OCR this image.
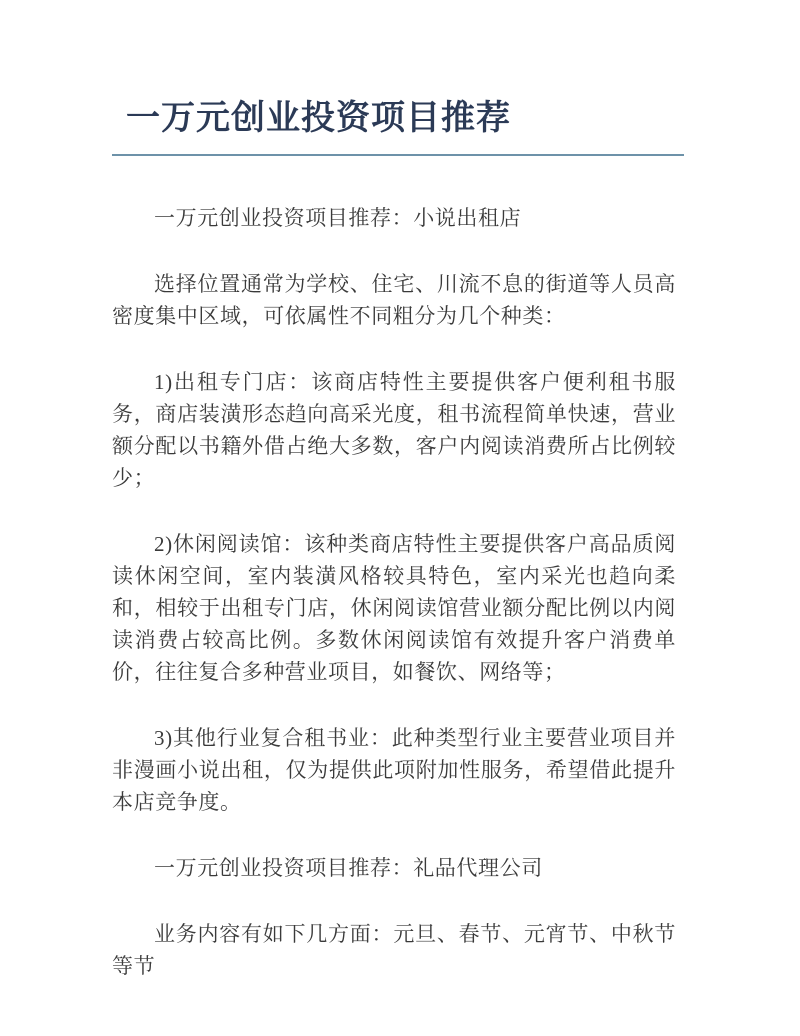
一万元创业投资项目推荐

一万元创业投资项目推荐：小说出租店

选择位置通常为学校、住宅、川流不息的街道等人员高密度集中区域，可依属性不同粗分为几个种类：

1)出租专门店：该商店特性主要提供客户便利租书服务，商店装潢形态趋向高采光度，租书流程简单快速，营业额分配以书籍外借占绝大多数，客户内阅读消费所占比例较少；

2)休闲阅读馆：该种类商店特性主要提供客户高品质阅读休闲空间，室内装潢风格较具特色，室内采光也趋向柔和，相较于出租专门店，休闲阅读馆营业额分配比例以内阅读消费占较高比例。多数休闲阅读馆有效提升客户消费单价，往往复合多种营业项目，如餐饮、网络等；

3)其他行业复合租书业：此种类型行业主要营业项目并非漫画小说出租，仅为提供此项附加性服务，希望借此提升本店竞争度。

一万元创业投资项目推荐：礼品代理公司

业务内容有如下几方面：元旦、春节、元宵节、中秋节等节
